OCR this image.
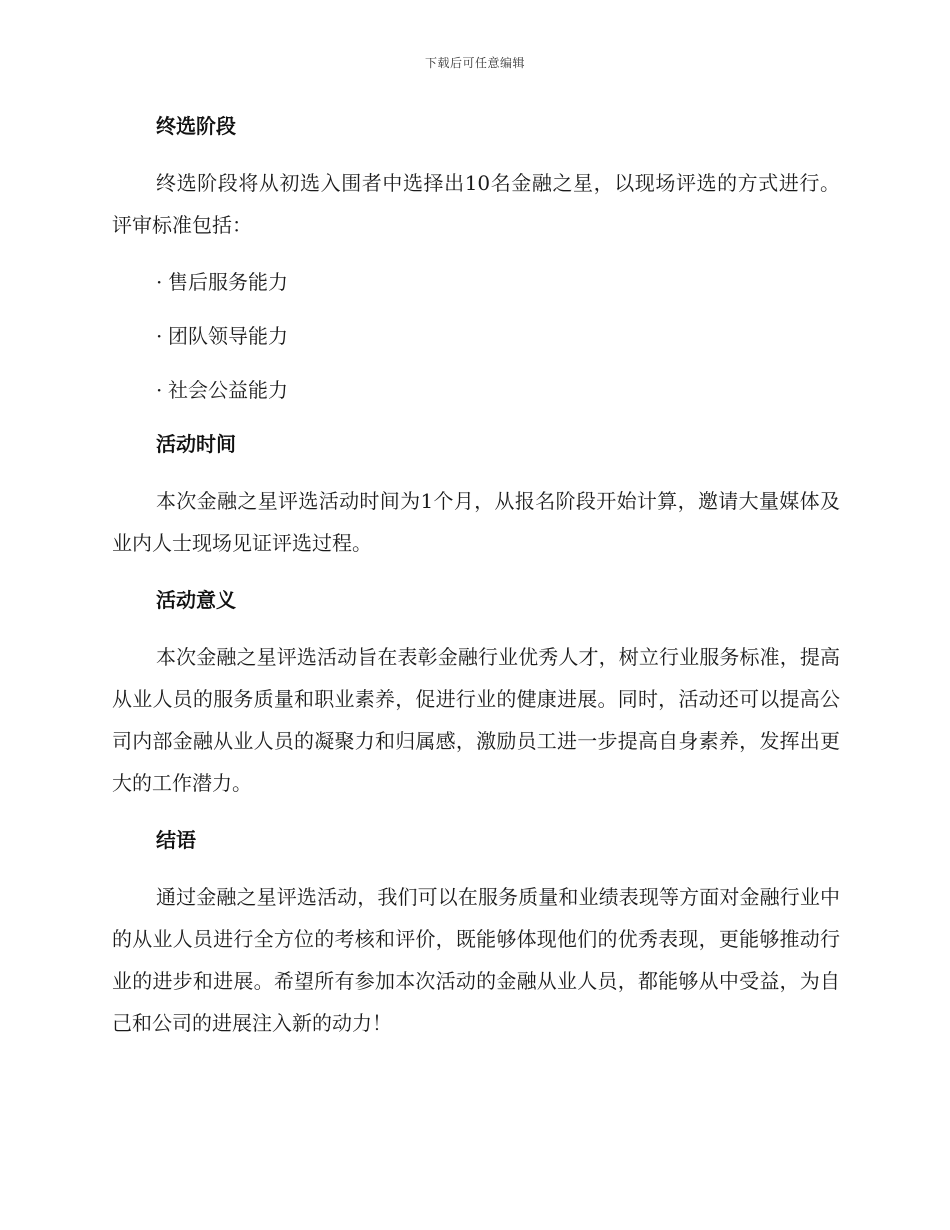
下载后可任意编辑
终选阶段

终选阶段将从初选入围者中选择出10名金融之星，以现场评选的方式进行。评审标准包括：

· 售后服务能力
· 团队领导能力
· 社会公益能力
活动时间

本次金融之星评选活动时间为1个月，从报名阶段开始计算，邀请大量媒体及业内人士现场见证评选过程。

活动意义

本次金融之星评选活动旨在表彰金融行业优秀人才，树立行业服务标准，提高从业人员的服务质量和职业素养，促进行业的健康进展。同时，活动还可以提高公司内部金融从业人员的凝聚力和归属感，激励员工进一步提高自身素养，发挥出更大的工作潜力。

结语

通过金融之星评选活动，我们可以在服务质量和业绩表现等方面对金融行业中的从业人员进行全方位的考核和评价，既能够体现他们的优秀表现，更能够推动行业的进步和进展。希望所有参加本次活动的金融从业人员，都能够从中受益，为自己和公司的进展注入新的动力！
